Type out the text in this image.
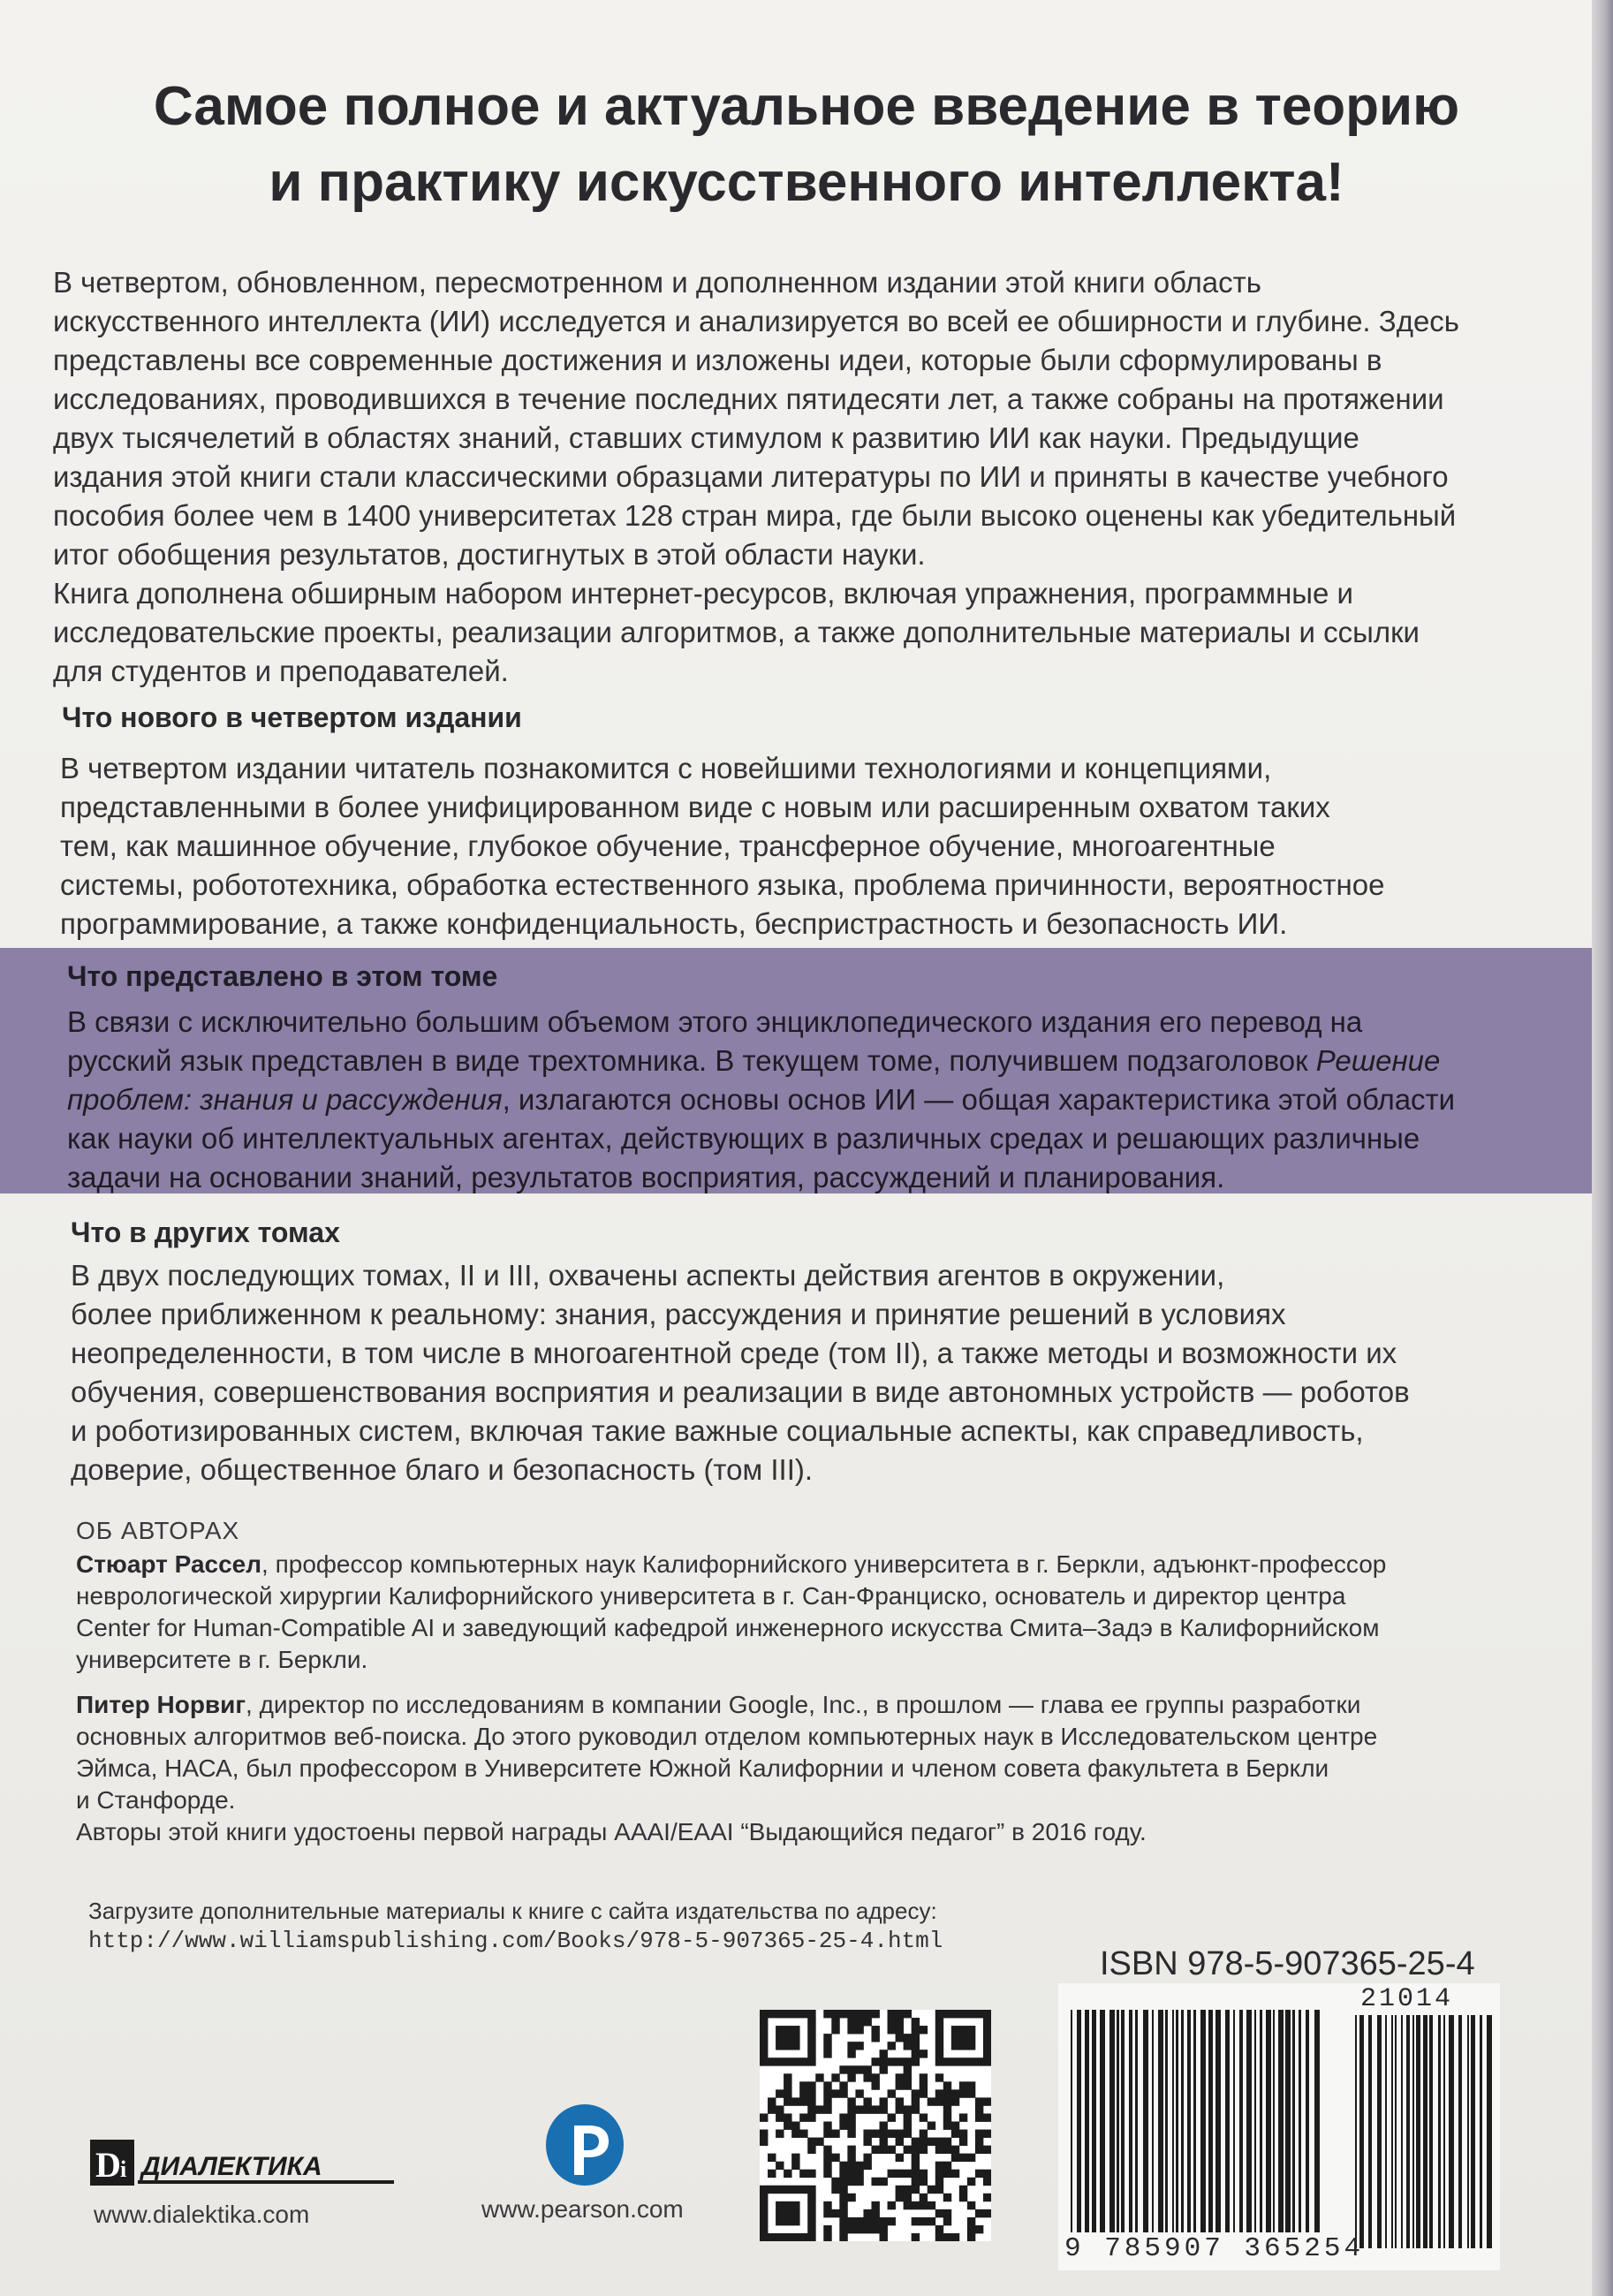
Самое полное и актуальное введение в теорию
и практику искусственного интеллекта!

В четвертом, обновленном, пересмотренном и дополненном издании этой книги область

искусственного интеллекта (ИИ) исследуется и анализируется во всей ее обширности и глубине. Здесь

представлены все современные достижения и изложены идеи, которые были сформулированы в

исследованиях, проводившихся в течение последних пятидесяти лет, а также собраны на протяжении

двух тысячелетий в областях знаний, ставших стимулом к развитию ИИ как науки. Предыдущие

издания этой книги стали классическими образцами литературы по ИИ и приняты в качестве учебного

пособия более чем в 1400 университетах 128 стран мира, где были высоко оценены как убедительный

итог обобщения результатов, достигнутых в этой области науки.

Книга дополнена обширным набором интернет-ресурсов, включая упражнения, программные и

исследовательские проекты, реализации алгоритмов, а также дополнительные материалы и ссылки

для студентов и преподавателей.

Что нового в четвертом издании

В четвертом издании читатель познакомится с новейшими технологиями и концепциями,

представленными в более унифицированном виде с новым или расширенным охватом таких

тем, как машинное обучение, глубокое обучение, трансферное обучение, многоагентные

системы, робототехника, обработка естественного языка, проблема причинности, вероятностное

программирование, а также конфиденциальность, беспристрастность и безопасность ИИ.

Что представлено в этом томе

В связи с исключительно большим объемом этого энциклопедического издания его перевод на

русский язык представлен в виде трехтомника. В текущем томе, получившем подзаголовок Решение

проблем: знания и рассуждения, излагаются основы основ ИИ — общая характеристика этой области

как науки об интеллектуальных агентах, действующих в различных средах и решающих различные

задачи на основании знаний, результатов восприятия, рассуждений и планирования.

Что в других томах

В двух последующих томах, II и III, охвачены аспекты действия агентов в окружении,

более приближенном к реальному: знания, рассуждения и принятие решений в условиях

неопределенности, в том числе в многоагентной среде (том II), а также методы и возможности их

обучения, совершенствования восприятия и реализации в виде автономных устройств — роботов

и роботизированных систем, включая такие важные социальные аспекты, как справедливость,

доверие, общественное благо и безопасность (том III).

ОБ АВТОРАХ

Стюарт Рассел, профессор компьютерных наук Калифорнийского университета в г. Беркли, адъюнкт-профессор
неврологической хирургии Калифорнийского университета в г. Сан-Франциско, основатель и директор центра
Center for Human-Compatible AI и заведующий кафедрой инженерного искусства Смита–Задэ в Калифорнийском
университете в г. Беркли.
Питер Норвиг, директор по исследованиям в компании Google, Inc., в прошлом — глава ее группы разработки
основных алгоритмов веб-поиска. До этого руководил отделом компьютерных наук в Исследовательском центре
Эймса, НАСА, был профессором в Университете Южной Калифорнии и членом совета факультета в Беркли
и Станфорде.
Авторы этой книги удостоены первой награды AAAI/EAAI “Выдающийся педагог” в 2016 году.
Загрузите дополнительные материалы к книге с сайта издательства по адресу:
http://www.williamspublishing.com/Books/978-5-907365-25-4.html

ISBN 978-5-907365-25-4

21014

9 785907 365254

www.pearson.com

D i ДИАЛЕКТИКА

www.dialektika.com
